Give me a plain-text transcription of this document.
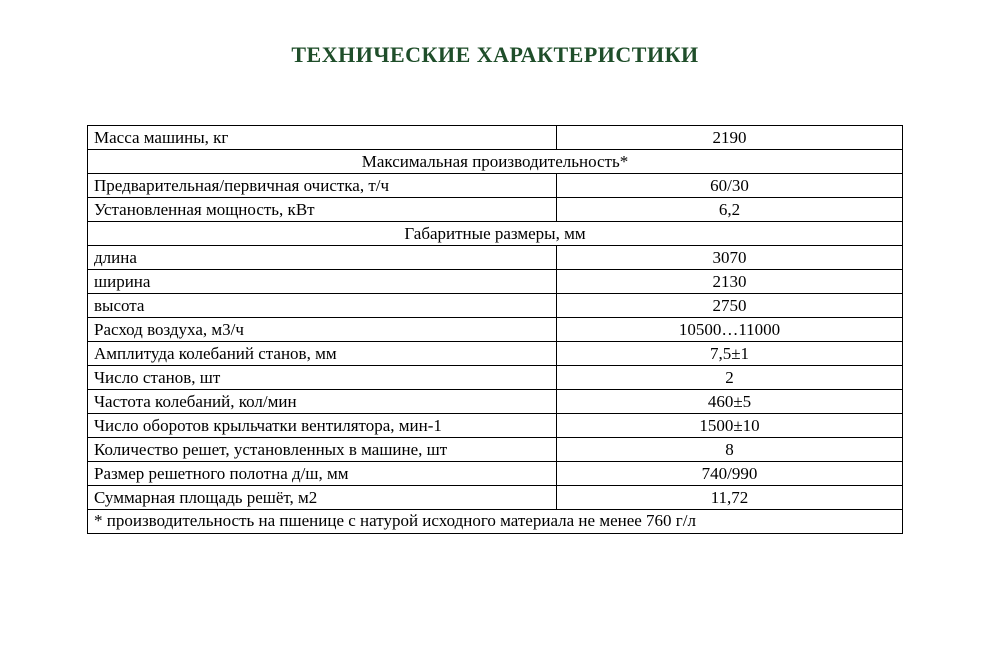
ТЕХНИЧЕСКИЕ ХАРАКТЕРИСТИКИ
Масса машины, кг	2190
Максимальная производительность*	
Предварительная/первичная очистка, т/ч	60/30
Установленная мощность, кВт	6,2
Габаритные размеры, мм	
длина	3070
ширина	2130
высота	2750
Расход воздуха, м3/ч	10500…11000
Амплитуда колебаний станов, мм	7,5±1
Число станов, шт	2
Частота колебаний, кол/мин	460±5
Число оборотов крыльчатки вентилятора, мин-1	1500±10
Количество решет, установленных в машине, шт	8
Размер решетного полотна д/ш, мм	740/990
Суммарная площадь решёт, м2	11,72
* производительность на пшенице с натурой исходного материала не менее 760 г/л	
